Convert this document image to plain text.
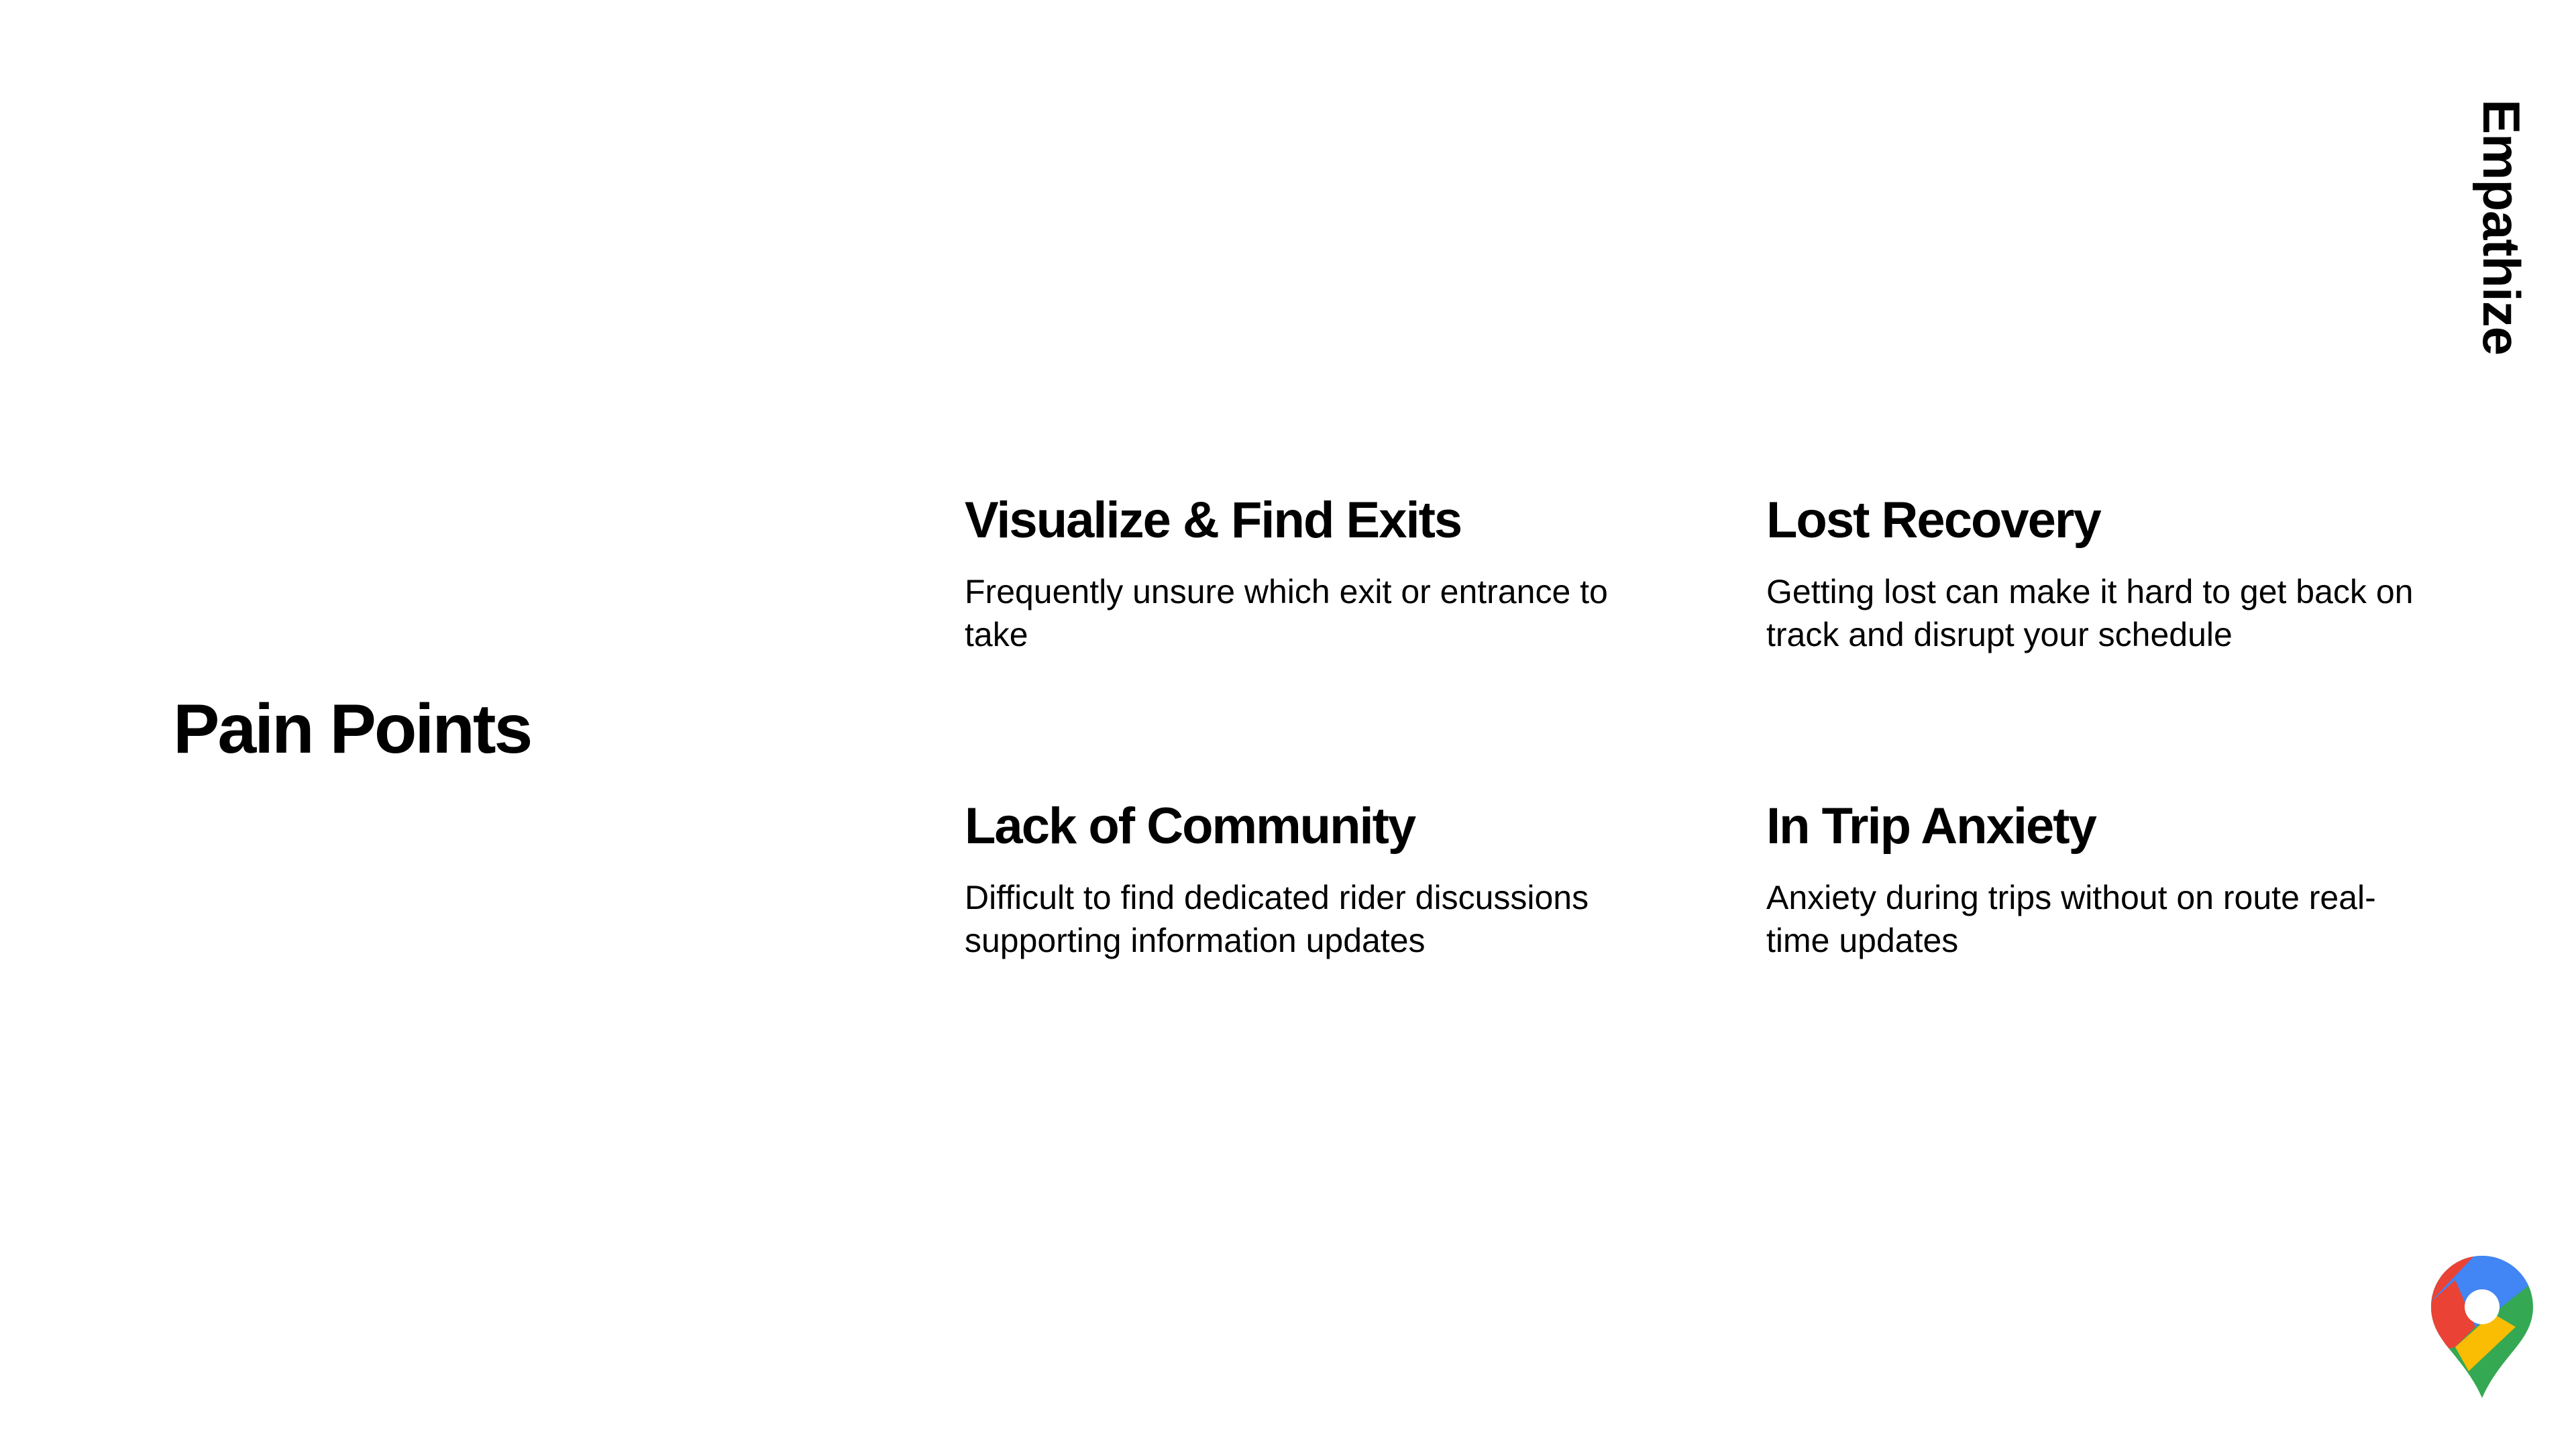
Empathize
Pain Points
Visualize & Find Exits

Frequently unsure which exit or entrance to take

Lost Recovery

Getting lost can make it hard to get back on track and disrupt your schedule

Lack of Community

Difficult to find dedicated rider discussions supporting information updates

In Trip Anxiety

Anxiety during trips without on route real-time updates
